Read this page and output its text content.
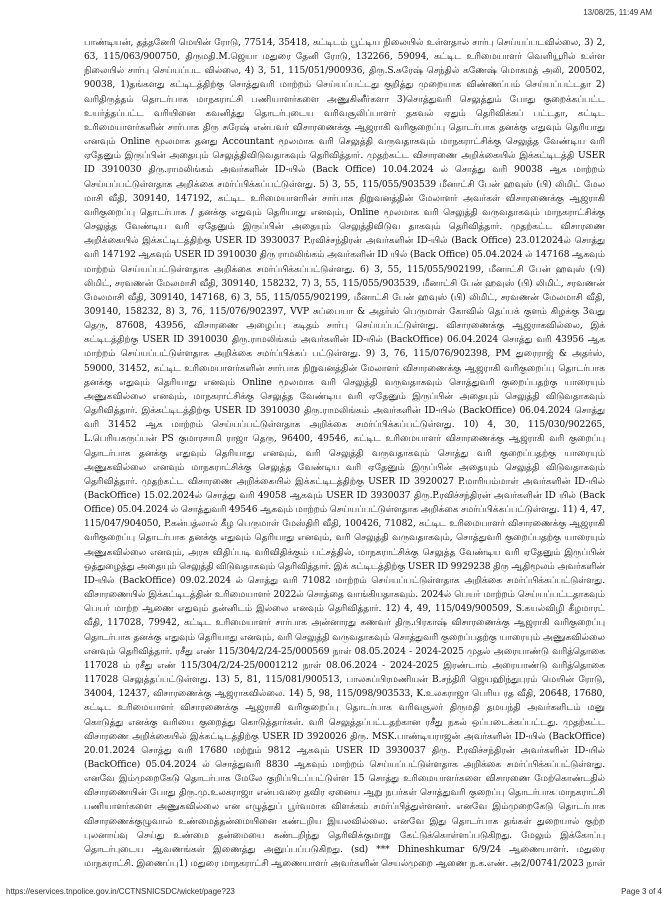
13/08/25, 11:49 AM

பாண்டியன், தத்தனேரி மெயின் ரோடு, 77514, 35418, கட்டிடம் பூட்டிய நிலையில் உள்ளதால் சார்பு செய்யப்படவில்லை, 3) 2, 63, 115/063/900750, திருமதி.M.ஜெயா மதுரை தேனி ரோடு, 132266, 59094, கட்டிட உரிமையாளர் வெளியூரில் உள்ள நிலையில் சார்பு செய்யப்பட வில்லை, 4) 3, 51, 115/051/900936, திரு.S.சுரேஷ் செந்தில் கணேஷ் மொகமத் அலி, 200502, 90038, 1)தங்களது கட்டிடத்திற்கு சொத்துவரி மாற்றம் செய்யப்பட்டது குறித்து முறையாக விண்ணப்பம் செய்யப்பட்டதா 2) வரிதிருத்தம் தொடர்பாக மாநகராட்சி பணியாளர்களை அணுகினீர்களா 3)சொத்துவரி செலுத்தும் போது குறைக்கப்பட்ட உயர்த்தப்பட்ட வரியினை கவனித்து தொடர்புடைய வரிவசூலிப்பாளர் தகவல் ஏதும் தெரிவிக்கப் பட்டதா, கட்டிட உரிமையாளர்களின் சார்பாக திரு சுரேஷ் என்பவர் விசாரணைக்கு ஆஜராகி வரிகுறைப்பு தொடர்பாக தனக்கு எதுவும் தெரியாது எனவும் Online மூலமாக தனது Accountant மூலமாக வரி செலுத்தி வருவதாகவும் மாநகராட்சிக்கு செலுத்த வேண்டிய வரி ஏதேனும் இருப்பின் அதையும் செலுத்திவிடுவதாகவும் தெரிவித்தார். முதற்கட்ட விசாரணை அறிக்கையில் இக்கட்டிடத்தி USER ID 3910030 திரு.ராமலிங்கம் அவர்களின் ID-யில் (Back Office) 10.04.2024 ல் சொத்து வரி 90038 ஆக மாற்றம் செய்யப்பட்டுள்ளதாக அறிக்கை சமர்ப்பிக்கப்பட்டுள்ளது. 5) 3, 55, 115/055/903539 மீனாட்சி பேன் ஹவுஸ் (பி) லிமிட் மேல மாசி வீதி, 309140, 147192, கட்டிட உரிமையாளரின் சார்பாக நிறுவனத்தின் மேலாளர் அவர்கள் விசாரணைக்கு ஆஜராகி வரிகுறைப்பு தொடர்பாக / தனக்கு எதுவும் தெரியாது எனவும், Online மூலமாக வரி செலுத்தி வருவதாகவும் மாநகராட்சிக்கு செலுத்த வேண்டிய வரி ஏதேனும் இருப்பின் அதையும் செலுத்திவிடுவ தாகவும் தெரிவித்தார். முதற்கட்ட விசாரணை அறிக்கையில் இக்கட்டிடத்திற்கு USER ID 3930037 P.ரவிச்சந்திரன் அவர்களின் ID-யில் (Back Office) 23.012024ல் சொத்து வரி 147192 ஆகவும் USER ID 3910030 திரு ராமலிங்கம் அவர்களின் ID யில் (Back Office) 05.04.2024 ல் 147168 ஆகவும் மாற்றம் செய்யப்பட்டுள்ளதாக அறிக்கை சமர்ப்பிக்கப்பட்டுள்ளது. 6) 3, 55, 115/055/902199, மீனாட்சி பேன் ஹவுஸ் (பி) லிமிட், சரவணன் மேலமாசி வீதி, 309140, 158232, 7) 3, 55, 115/055/903539, மீனாட்சி பேன் ஹவுஸ் (பி) லிமிட், சரவணன் மேலமாசி வீதி, 309140, 147168, 6) 3, 55, 115/055/902199, மீனாட்சி பேன் ஹவுஸ் (பி) லிமிட், சரவணன் மேலமாசி வீதி, 309140, 158232, 8) 3, 76, 115/076/902397, VVP சுப்பையா & அதர்ஸ் பெருமாள் கோவில் தெப்பக் குளம் கிழக்கு 3வது தெரு, 87608, 43956, விசாரணை அழைப்பு கடிதம் சார்பு செய்யப்பட்டுள்ளது. விசாரணைக்கு ஆஜராகவில்லை, இக் கட்டிடத்திற்கு USER ID 3910030 திரு.ராமலிங்கம் அவர்களின் ID-யில் (BackOffice) 06.04.2024 சொத்து வரி 43956 ஆக மாற்றம் செய்யப்பட்டுள்ளதாக அறிக்கை சமர்ப்பிக்கப் பட்டுள்ளது. 9) 3, 76, 115/076/902398, PM துரைராஜ் & அதர்ஸ், 59000, 31452, கட்டிட உரிமையாளர்களின் சார்பாக நிறுவனத்தின் மேலாளர் விசாரணைக்கு ஆஜராகி வரிகுறைப்பு தொடர்பாக தனக்கு எதுவும் தெரியாது எனவும் Online மூலமாக வரி செலுத்தி வருவதாகவும் சொத்துவரி குறைப்பதற்கு யாரையும் அணுகவில்லை எனவும், மாநகராட்சிக்கு செலுத்த வேண்டிய வரி ஏதேனும் இருப்பின் அதையும் செலுத்தி விடுவதாகவும் தெரிவித்தார். இக்கட்டிடத்திற்கு USER ID 3910030 திரு.ராமலிங்கம் அவர்களின் ID-யில் (BackOffice) 06.04.2024 சொத்து வரி 31452 ஆக மாற்றம் செய்யப்பட்டுள்ளதாக அறிக்கை சமர்ப்பிக்கப்பட்டுள்ளது. 10) 4, 30, 115/030/902265, L.பெரியகருப்பன் PS குமாரசாமி ராஜா தெரு, 96400, 49546, கட்டிட உரிமையாளர் விசாரணைக்கு ஆஜராகி வரி குறைப்பு தொடர்பாக தனக்கு எதுவும் தெரியாது எனவும், வரி செலுத்தி வருவதாகவும் சொத்து வரி குறைப்பதற்கு யாரையும் அணுகவில்லை எனவும் மாநகராட்சிக்கு செலுத்த வேண்டிய வரி ஏதேனும் இருப்பின் அதையும் செலுத்தி விடுவதாகவும் தெரிவித்தார். முதற்கட்ட விசாரணை அறிக்கையில் இக்கட்டிடத்திற்கு USER ID 3920027 P.மாரியம்மாள் அவர்களின் ID-யில் (BackOffice) 15.02.2024ல் சொத்து வரி 49058 ஆகவும் USER ID 3930037 திரு.P.ரவிச்சந்திரன் அவர்களின் ID யில் (Back Office) 05.04.2024 ல் சொத்துவரி 49546 ஆகவும் மாற்றம் செய்யப்பட்டுள்ளதாக அறிக்கை சமர்ப்பிக்கப்பட்டுள்ளது. 11) 4, 47, 115/047/904050, P.கன்பத்லால் கீழ பெருமாள் மேஸ்திரி வீதி, 100426, 71082, கட்டிட உரிமையாளர் விசாரணைக்கு ஆஜராகி வரிகுறைப்பு தொடர்பாக தனக்கு எதுவும் தெரியாது எனவும், வரி செலுத்தி வருவதாகவும், சொத்துவரி குறைப்பதற்கு யாரையும் அணுகவில்லை எனவும், அரசு விதிப்படி வரிவிதிக்கும் பட்சத்தில், மாநகராட்சிக்கு செலுத்த வேண்டிய வரி ஏதேனும் இருப்பின் ஒத்துழைத்து அதையும் செலுத்தி விடுவதாகவும் தெரிவித்தார். இக் கட்டிடத்திற்கு USER ID 9929238 திரு ஆதிமூலம் அவர்களின் ID-யில் (BackOffice) 09.02.2024 ல் சொத்து வரி 71082 மாற்றம் செய்யப்பட்டுள்ளதாக அறிக்கை சமர்ப்பிக்கப்பட்டுள்ளது. விசாரணையில் இக்கட்டிடத்தின் உரிமையாளர் 2022ல் சொத்தை வாங்கியதாகவும். 2024ல் பெயர் மாற்றம் செய்யப்பட்டதாகவும் பெயர் மாற்ற ஆணை எதுவும் தன்னிடம் இல்லை எனவும் தெரிவித்தார். 12) 4, 49, 115/049/900509, S.கயல்விழி கீழமாரட் வீதி, 117028, 79942, கட்டிட உரிமையாளர் சார்பாக அன்னாரது கணவர் திரு.பிரகாஷ் விசாரணைக்கு ஆஜராகி வரிகுறைப்பு தொடர்பாக தனக்கு எதுவும் தெரியாது எனவும், வரி செலுத்தி வருவதாகவும் சொத்துவரி குறைப்பதற்கு யாரையும் அணுகவில்லை எனவும் தெரிவித்தார். ரசீது எண் 115/304/2/24-25/000569 நாள் 08.05.2024 - 2024-2025 முதல் அரையாண்டு வரித்தொகை 117028 ம் ரசீது எண் 115/304/2/24-25/0001212 நாள் 08.06.2024 - 2024-2025 இரண்டாம் அரையாண்டு வரித்தொகை 117028 செலுத்தப்பட்டுள்ளது. 13) 5, 81, 115/081/900513, பாலசுப்பிரமணியன் B.சந்திரி ஜெயஹிந்துபுரம் மெயின் ரோடு, 34004, 12437, விசாரணைக்கு ஆஜராகவில்லை. 14) 5, 98, 115/098/903533, K.உலகராஜா பெரிய ரத வீதி, 20648, 17680, கட்டிட உரிமையாளர் விசாரணைக்கு ஆஜராகி வரிகுறைப்பு தொடர்பாக வரிவசூலர் திருமதி தமயந்தி அவர்களிடம் மனு கொடுத்து எனக்கு வரியை குறைத்து கொடுத்தார்கள். வரி செலுத்தப்பட்டதற்கான ரசீது நகல் ஒப்படைக்கப்பட்டது. முதற்கட்ட விசாரணை அறிக்கையில் இக்கட்டிடத்திற்கு USER ID 3920026 திரு. MSK.பாண்டியராஜன் அவர்களின் ID-யில் (BackOffice) 20.01.2024 சொத்து வரி 17680 மற்றும் 9812 ஆகவும் USER ID 3930037 திரு. P.ரவிச்சந்திரன் அவர்களின் ID-யில் (BackOffice) 05.04.2024 ல் சொத்துவரி 8830 ஆகவும் மாற்றம் செய்யப்பட்டுள்ளதாக அறிக்கை சமர்ப்பிக்கப்பட்டுள்ளது. எனவே இம்முறைகேடு தொடர்பாக மேலே குறிப்பிடப்பட்டுள்ள 15 சொத்து உரிமையாளர்களை விசாரணை மேற்கொண்டதில் விசாரணையின் போது திரு.மு.உலகராஜா என்பவரை தவிர ஏனைய ஆறு நபர்கள் சொத்துவரி குறைப்பு தொடர்பாக மாநகராட்சி பணியாளர்களை அணுகவில்லை என எழுத்துப் பூர்வமாக விளக்கம் சமர்ப்பித்துள்ளனர். எனவே இம்முறைகேடு தொடர்பாக விசாரணைக்குழுவால் உண்மைத்தன்மையினை கண்டறிய இயலவில்லை. எனவே இது தொடர்பாக தங்கள் துறையால் குற்ற புலனாய்வு செய்து உண்மை தன்மையை கண்டறிந்து தெரிவிக்குமாறு கேட்டுக்கொள்ளப்படுகிறது. மேலும் இக்கோப்பு தொடர்புடைய ஆவணங்கள் இணைத்து அனுப்பப்படுகிறது. (sd) *** Dhineshkumar 6/9/24 ஆணையாளர். மதுரை மாநகராட்சி. இணைப்பு1) மதுரை மாநகராட்சி ஆணையாளர் அவர்களின் செயல்முறை ஆணை ந.க.எண். அ2/00741/2023 நாள்

https://eservices.tnpolice.gov.in/CCTNSNICSDC/wicket/page?23	Page 3 of 4
